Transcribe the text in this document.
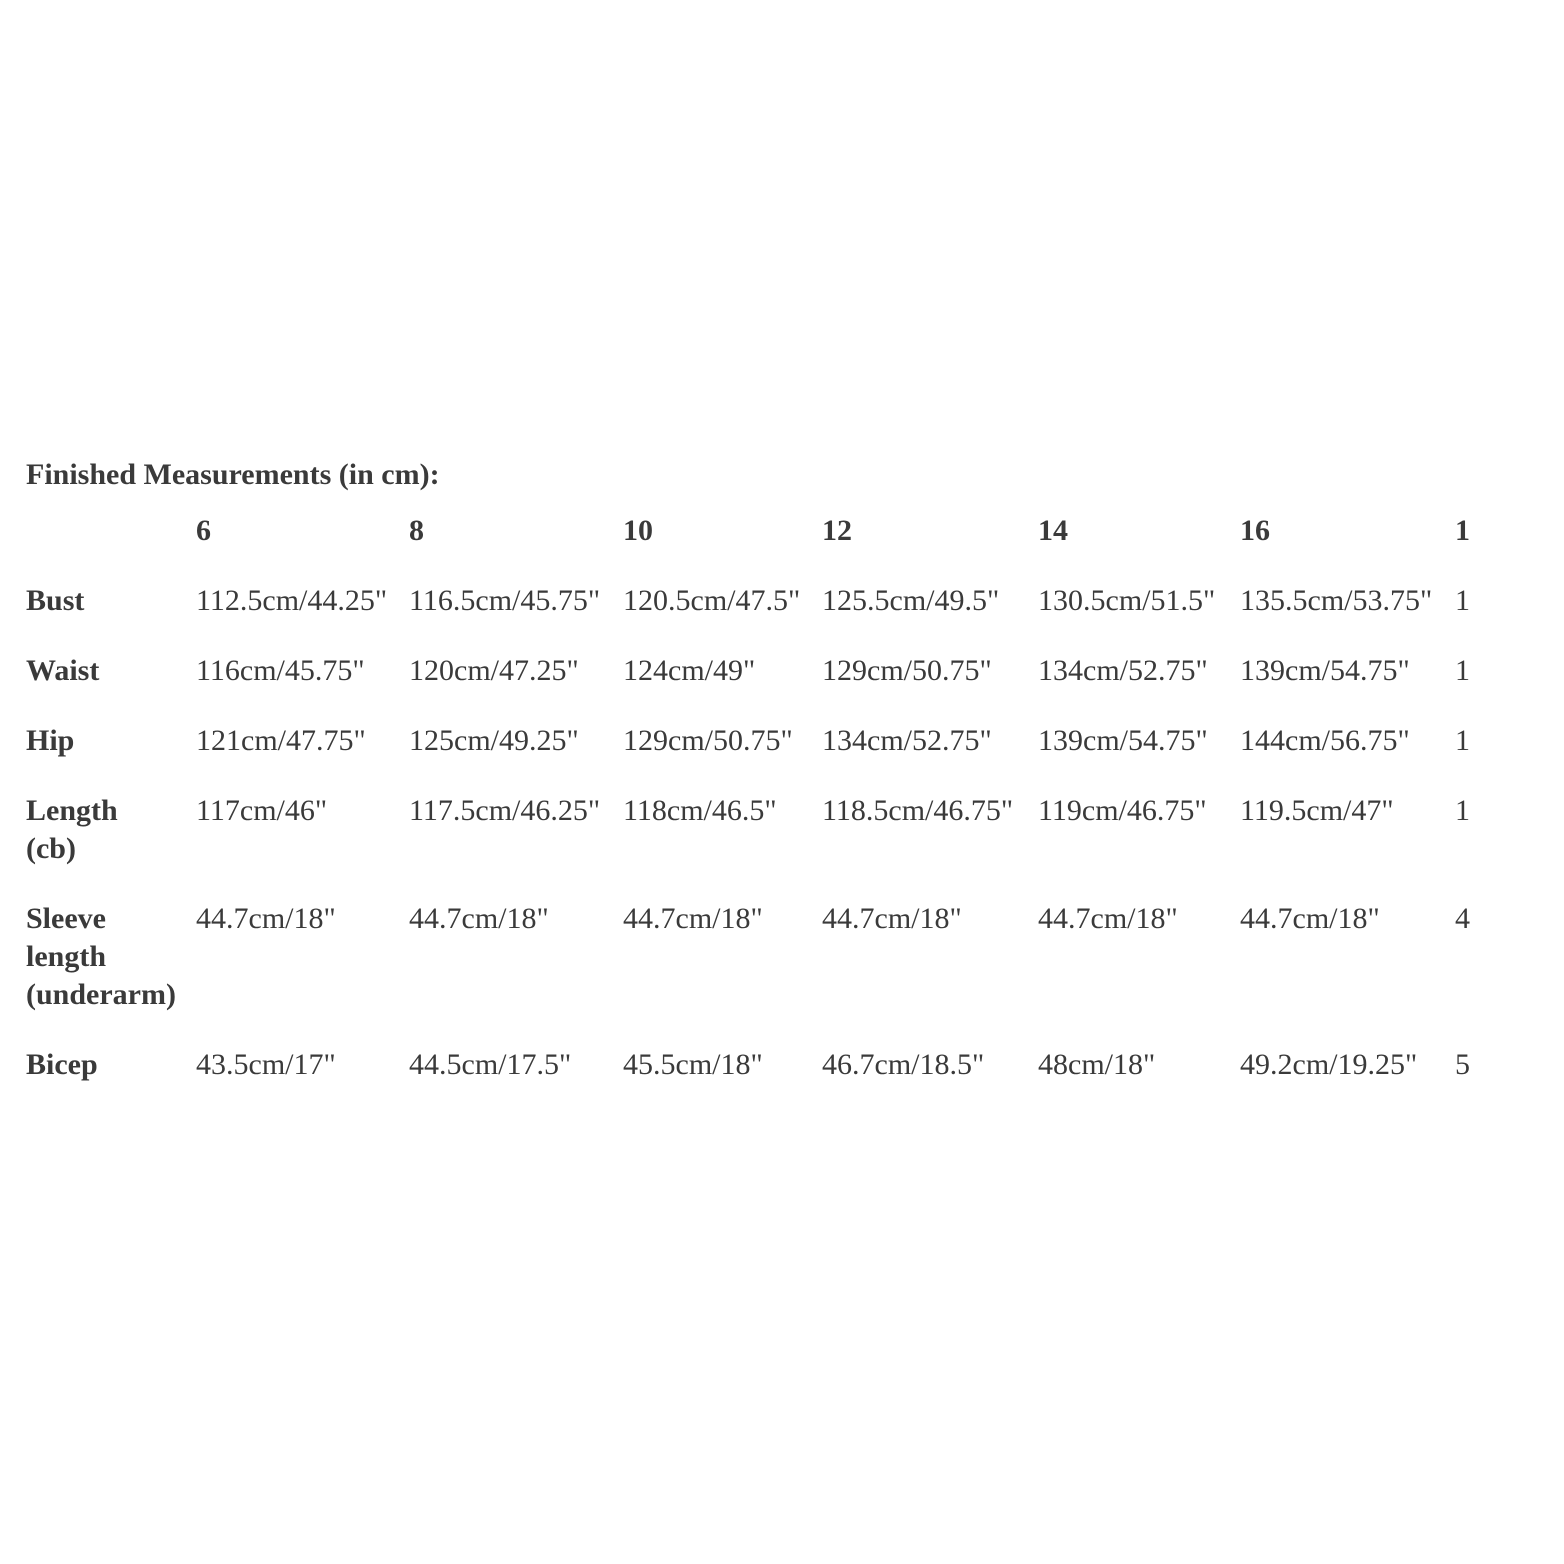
Finished Measurements (in cm):
	6	8	10	12	14	16	1

Bust	112.5cm/44.25"	116.5cm/45.75"	120.5cm/47.5"	125.5cm/49.5"	130.5cm/51.5"	135.5cm/53.75"	1

Waist	116cm/45.75"	120cm/47.25"	124cm/49"	129cm/50.75"	134cm/52.75"	139cm/54.75"	1

Hip	121cm/47.75"	125cm/49.25"	129cm/50.75"	134cm/52.75"	139cm/54.75"	144cm/56.75"	1

Length
(cb)	117cm/46"	117.5cm/46.25"	118cm/46.5"	118.5cm/46.75"	119cm/46.75"	119.5cm/47"	1

Sleeve
length
(underarm)	44.7cm/18"	44.7cm/18"	44.7cm/18"	44.7cm/18"	44.7cm/18"	44.7cm/18"	4

Bicep	43.5cm/17"	44.5cm/17.5"	45.5cm/18"	46.7cm/18.5"	48cm/18"	49.2cm/19.25"	5
